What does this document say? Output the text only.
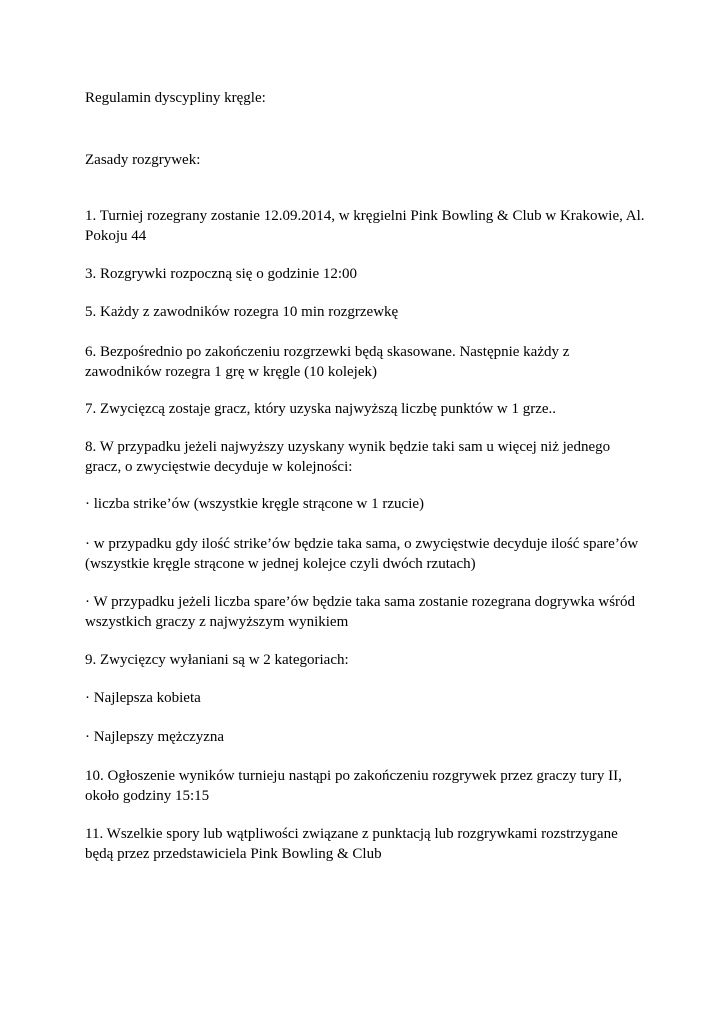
Regulamin dyscypliny kręgle:

Zasady rozgrywek:

1. Turniej rozegrany zostanie 12.09.2014, w kręgielni Pink Bowling & Club w Krakowie, Al. Pokoju 44

3. Rozgrywki rozpoczną się o godzinie 12:00

5. Każdy z zawodników rozegra 10 min rozgrzewkę

6. Bezpośrednio po zakończeniu rozgrzewki będą skasowane. Następnie każdy z zawodników rozegra 1 grę w kręgle (10 kolejek)

7. Zwycięzcą zostaje gracz, który uzyska najwyższą liczbę punktów w 1 grze..

8. W przypadku jeżeli najwyższy uzyskany wynik będzie taki sam u więcej niż jednego gracz, o zwycięstwie decyduje w kolejności:

· liczba strike’ów (wszystkie kręgle strącone w 1 rzucie)

· w przypadku gdy ilość strike’ów będzie taka sama, o zwycięstwie decyduje ilość spare’ów (wszystkie kręgle strącone w jednej kolejce czyli dwóch rzutach)

· W przypadku jeżeli liczba spare’ów będzie taka sama zostanie rozegrana dogrywka wśród wszystkich graczy z najwyższym wynikiem

9. Zwycięzcy wyłaniani są w 2 kategoriach:

· Najlepsza kobieta

· Najlepszy mężczyzna

10. Ogłoszenie wyników turnieju nastąpi po zakończeniu rozgrywek przez graczy tury II, około godziny 15:15

11. Wszelkie spory lub wątpliwości związane z punktacją lub rozgrywkami rozstrzygane będą przez przedstawiciela Pink Bowling & Club
